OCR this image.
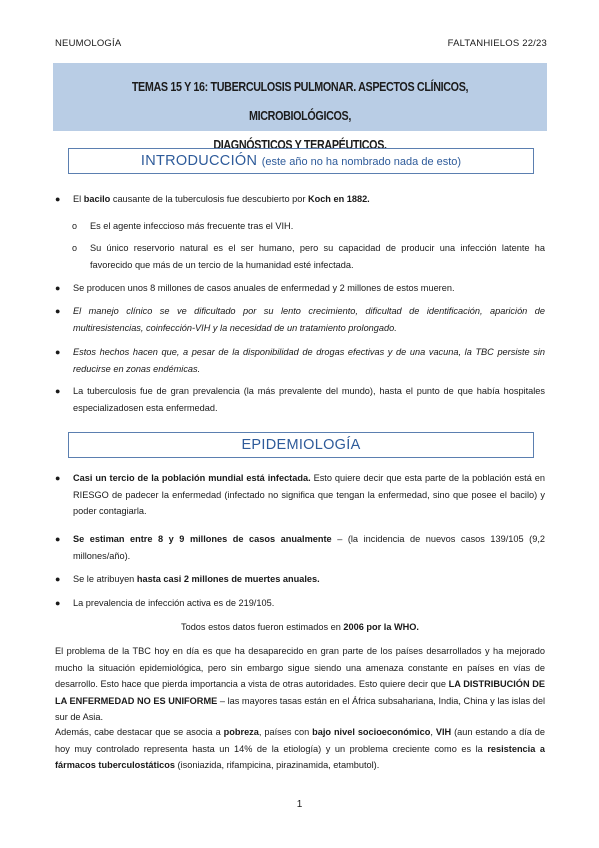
NEUMOLOGÍA	FALTANHIELOS 22/23
TEMAS 15 Y 16: TUBERCULOSIS PULMONAR. ASPECTOS CLÍNICOS, MICROBIOLÓGICOS,
DIAGNÓSTICOS Y TERAPÉUTICOS.
INTRODUCCIÓN (este año no ha nombrado nada de esto)
● El bacilo causante de la tuberculosis fue descubierto por Koch en 1882.
o Es el agente infeccioso más frecuente tras el VIH.
o Su único reservorio natural es el ser humano, pero su capacidad de producir una infección latente ha favorecido que más de un tercio de la humanidad esté infectada.
● Se producen unos 8 millones de casos anuales de enfermedad y 2 millones de estos mueren.
● El manejo clínico se ve dificultado por su lento crecimiento, dificultad de identificación, aparición de multiresistencias, coinfección-VIH y la necesidad de un tratamiento prolongado.
● Estos hechos hacen que, a pesar de la disponibilidad de drogas efectivas y de una vacuna, la TBC persiste sin reducirse en zonas endémicas.
● La tuberculosis fue de gran prevalencia (la más prevalente del mundo), hasta el punto de que había hospitales especializadosen esta enfermedad.
EPIDEMIOLOGÍA
● Casi un tercio de la población mundial está infectada. Esto quiere decir que esta parte de la población está en RIESGO de padecer la enfermedad (infectado no significa que tengan la enfermedad, sino que posee el bacilo) y poder contagiarla.
● Se estiman entre 8 y 9 millones de casos anualmente – (la incidencia de nuevos casos 139/105 (9,2 millones/año).
● Se le atribuyen hasta casi 2 millones de muertes anuales.
● La prevalencia de infección activa es de 219/105.
Todos estos datos fueron estimados en 2006 por la WHO.
El problema de la TBC hoy en día es que ha desaparecido en gran parte de los países desarrollados y ha mejorado mucho la situación epidemiológica, pero sin embargo sigue siendo una amenaza constante en países en vías de desarrollo. Esto hace que pierda importancia a vista de otras autoridades. Esto quiere decir que LA DISTRIBUCIÓN DE LA ENFERMEDAD NO ES UNIFORME – las mayores tasas están en el África subsahariana, India, China y las islas del sur de Asia.
Además, cabe destacar que se asocia a pobreza, países con bajo nivel socioeconómico, VIH (aun estando a día de hoy muy controlado representa hasta un 14% de la etiología) y un problema creciente como es la resistencia a fármacos tuberculostáticos (isoniazida, rifampicina, pirazinamida, etambutol).
1
